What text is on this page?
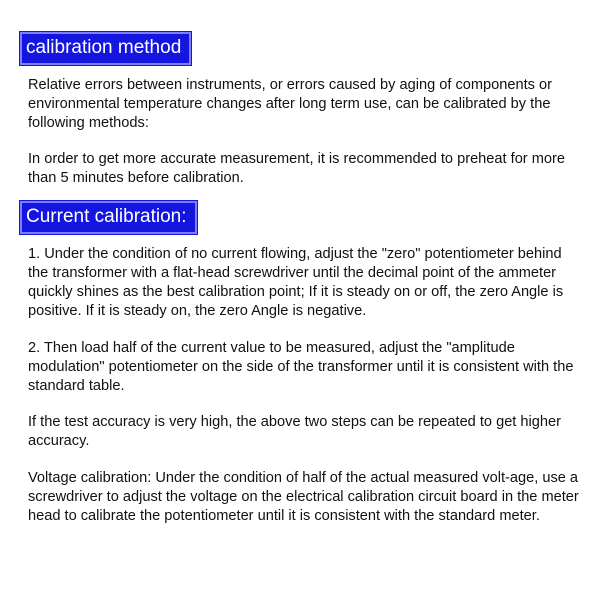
calibration method

Relative errors between instruments, or errors caused by aging of components or environmental temperature changes after long term use, can be calibrated by the following methods:

In order to get more accurate measurement, it is recommended to preheat for more than 5 minutes before calibration.

Current calibration:

1. Under the condition of no current flowing, adjust the "zero" potentiometer behind the transformer with a flat-head screwdriver until the decimal point of the ammeter quickly shines as the best calibration point; If it is steady on or off, the zero Angle is positive. If it is steady on, the zero Angle is negative.

2. Then load half of the current value to be measured, adjust the "amplitude modulation" potentiometer on the side of the transformer until it is consistent with the standard table.

If the test accuracy is very high, the above two steps can be repeated to get higher accuracy.

Voltage calibration: Under the condition of half of the actual measured volt-age, use a screwdriver to adjust the voltage on the electrical calibration circuit board in the meter head to calibrate the potentiometer until it is consistent with the standard meter.
